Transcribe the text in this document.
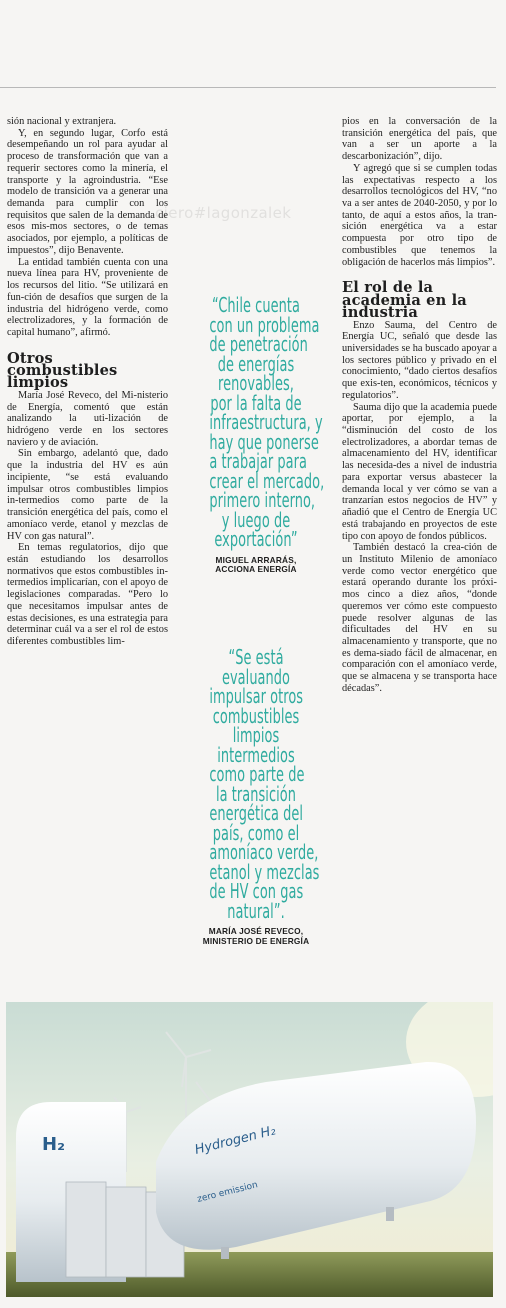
ciero#lagonzalek

sión nacional y extranjera.

Y, en segundo lugar, Corfo está desempeñando un rol para ayudar al proceso de transformación que van a requerir sectores como la minería, el transporte y la agroindustria. “Ese modelo de transición va a generar una demanda para cumplir con los requisitos que salen de la demanda de esos mis-mos sectores, o de temas asociados, por ejemplo, a políticas de impuestos”, dijo Benavente.

La entidad también cuenta con una nueva línea para HV, proveniente de los recursos del litio. “Se utilizará en fun-ción de desafíos que surgen de la industria del hidrógeno verde, como electrolizadores, y la formación de capital humano”, afirmó.

Otros combustibles limpios

María José Reveco, del Mi-nisterio de Energía, comentó que están analizando la uti-lización de hidrógeno verde en los sectores naviero y de aviación.

Sin embargo, adelantó que, dado que la industria del HV es aún incipiente, “se está evaluando impulsar otros combustibles limpios in-termedios como parte de la transición energética del país, como el amoníaco verde, etanol y mezclas de HV con gas natural”.

En temas regulatorios, dijo que están estudiando los desarrollos normativos que estos combustibles in-termedios implicarían, con el apoyo de legislaciones comparadas. “Pero lo que necesitamos impulsar antes de estas decisiones, es una estrategia para determinar cuál va a ser el rol de estos diferentes combustibles lim-

“Chile cuenta
con un problema
de penetración
de energías
renovables,
por la falta de
infraestructura, y
hay que ponerse
a trabajar para
crear el mercado,
primero interno,
y luego de
exportación”
MIGUEL ARRARÁS,
ACCIONA ENERGÍA
“Se está
evaluando
impulsar otros
combustibles
limpios
intermedios
como parte de
la transición
energética del
país, como el
amoníaco verde,
etanol y mezclas
de HV con gas
natural”.
MARÍA JOSÉ REVECO,
MINISTERIO DE ENERGÍA

pios en la conversación de la transición energética del país, que van a ser un aporte a la descarbonización”, dijo.

Y agregó que si se cumplen todas las expectativas respecto a los desarrollos tecnológicos del HV, “no va a ser antes de 2040-2050, y por lo tanto, de aquí a estos años, la tran-sición energética va a estar compuesta por otro tipo de combustibles que tenemos la obligación de hacerlos más limpios”.

El rol de la academia en la industria

Enzo Sauma, del Centro de Energía UC, señaló que desde las universidades se ha buscado apoyar a los sectores público y privado en el conocimiento, “dado ciertos desafíos que exis-ten, económicos, técnicos y regulatorios”.

Sauma dijo que la academia puede aportar, por ejemplo, a la “disminución del costo de los electrolizadores, a abordar temas de almacenamiento del HV, identificar las necesida-des a nivel de industria para exportar versus abastecer la demanda local y ver cómo se van a tranzarían estos negocios de HV” y añadió que el Centro de Energía UC está trabajando en proyectos de este tipo con apoyo de fondos públicos.

También destacó la crea-ción de un Instituto Milenio de amoníaco verde como vector energético que estará operando durante los próxi-mos cinco a diez años, “donde queremos ver cómo este compuesto puede resolver algunas de las dificultades del HV en su almacenamiento y transporte, que no es dema-siado fácil de almacenar, en comparación con el amoníaco verde, que se almacena y se transporta hace décadas”.

H₂	Hydrogen H₂
zero emission
